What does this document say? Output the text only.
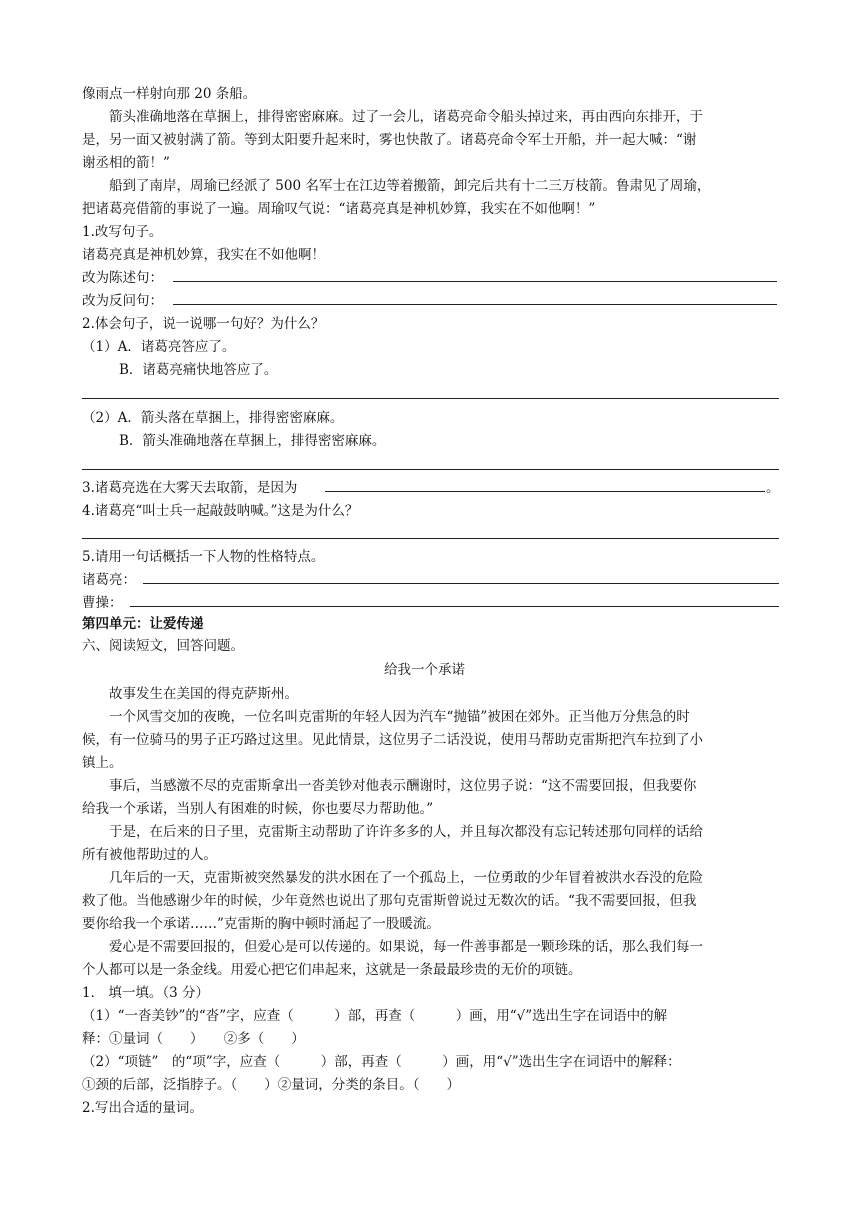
像雨点一样射向那 20 条船。
箭头准确地落在草捆上，排得密密麻麻。过了一会儿，诸葛亮命令船头掉过来，再由西向东排开，于
是，另一面又被射满了箭。等到太阳要升起来时，雾也快散了。诸葛亮命令军士开船，并一起大喊：“谢
谢丞相的箭！”
船到了南岸，周瑜已经派了 500 名军士在江边等着搬箭，卸完后共有十二三万枝箭。鲁肃见了周瑜，
把诸葛亮借箭的事说了一遍。周瑜叹气说：“诸葛亮真是神机妙算，我实在不如他啊！”
1.改写句子。
诸葛亮真是神机妙算，我实在不如他啊！
改为陈述句：
改为反问句：
2.体会句子，说一说哪一句好？为什么？
（1）A．诸葛亮答应了。
B．诸葛亮痛快地答应了。
（2）A．箭头落在草捆上，排得密密麻麻。
B．箭头准确地落在草捆上，排得密密麻麻。
3.诸葛亮选在大雾天去取箭，是因为	。
4.诸葛亮“叫士兵一起敲鼓呐喊。”这是为什么？
5.请用一句话概括一下人物的性格特点。
诸葛亮：
曹操：
第四单元：让爱传递
六、阅读短文，回答问题。
给我一个承诺
故事发生在美国的得克萨斯州。
一个风雪交加的夜晚，一位名叫克雷斯的年轻人因为汽车“抛锚”被困在郊外。正当他万分焦急的时
候，有一位骑马的男子正巧路过这里。见此情景，这位男子二话没说，使用马帮助克雷斯把汽车拉到了小
镇上。
事后，当感激不尽的克雷斯拿出一沓美钞对他表示酬谢时，这位男子说：“这不需要回报，但我要你
给我一个承诺，当别人有困难的时候，你也要尽力帮助他。”
于是，在后来的日子里，克雷斯主动帮助了许许多多的人，并且每次都没有忘记转述那句同样的话给
所有被他帮助过的人。
几年后的一天，克雷斯被突然暴发的洪水困在了一个孤岛上，一位勇敢的少年冒着被洪水吞没的危险
救了他。当他感谢少年的时候，少年竟然也说出了那句克雷斯曾说过无数次的话。“我不需要回报，但我
要你给我一个承诺……”克雷斯的胸中顿时涌起了一股暖流。
爱心是不需要回报的，但爱心是可以传递的。如果说，每一件善事都是一颗珍珠的话，那么我们每一
个人都可以是一条金线。用爱心把它们串起来，这就是一条最最珍贵的无价的项链。
1． 填一填。（3 分）
（1）“一沓美钞”的“沓”字，应查（　　　）部，再查（　　　）画，用“√”选出生字在词语中的解
释：①量词（　　）　　②多（　　）
（2）“项链”　的“项”字，应查（　　　）部，再查（　　　）画，用“√”选出生字在词语中的解释：
①颈的后部，泛指脖子。（　　）②量词，分类的条目。（　　）
2.写出合适的量词。
